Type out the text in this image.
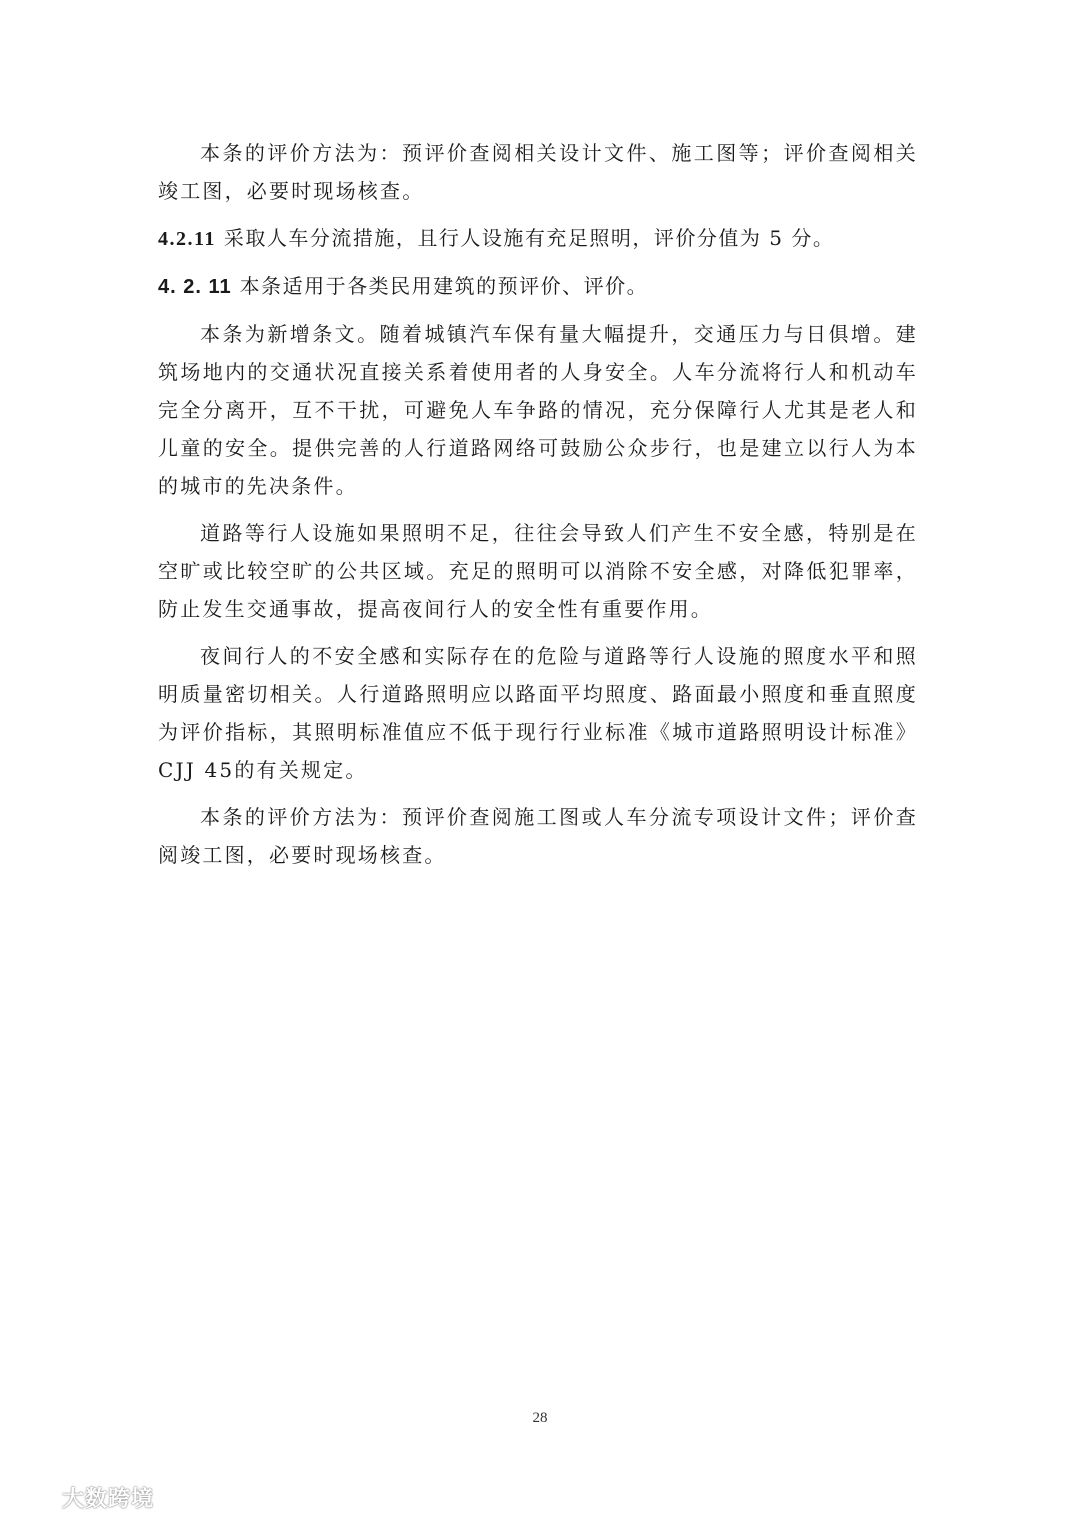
本条的评价方法为：预评价查阅相关设计文件、施工图等；评价查阅相关竣工图，必要时现场核查。

4.2.11 采取人车分流措施，且行人设施有充足照明，评价分值为 5 分。

4. 2. 11 本条适用于各类民用建筑的预评价、评价。

本条为新增条文。随着城镇汽车保有量大幅提升，交通压力与日俱增。建筑场地内的交通状况直接关系着使用者的人身安全。人车分流将行人和机动车完全分离开，互不干扰，可避免人车争路的情况，充分保障行人尤其是老人和儿童的安全。提供完善的人行道路网络可鼓励公众步行，也是建立以行人为本的城市的先决条件。

道路等行人设施如果照明不足，往往会导致人们产生不安全感，特别是在空旷或比较空旷的公共区域。充足的照明可以消除不安全感，对降低犯罪率，防止发生交通事故，提高夜间行人的安全性有重要作用。

夜间行人的不安全感和实际存在的危险与道路等行人设施的照度水平和照明质量密切相关。人行道路照明应以路面平均照度、路面最小照度和垂直照度为评价指标，其照明标准值应不低于现行行业标准《城市道路照明设计标准》CJJ 45的有关规定。

本条的评价方法为：预评价查阅施工图或人车分流专项设计文件；评价查阅竣工图，必要时现场核查。

28
大数跨境
